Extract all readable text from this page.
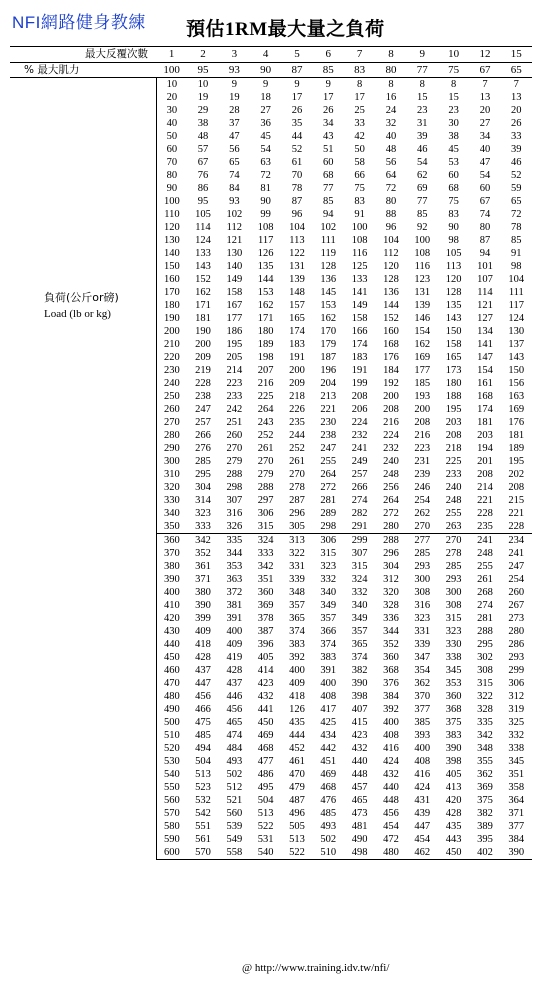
NFI網路健身教練 預估1RM最大量之負荷
最大反覆次數	1	2	3	4	5	6	7	8	9	10	12	15
% 最大肌力	100	95	93	90	87	85	83	80	77	75	67	65

負荷(公斤or磅)
Load (lb or kg)	10	10	9	9	9	9	8	8	8	8	7	7
	20	19	19	18	17	17	17	16	15	15	13	13
	30	29	28	27	26	26	25	24	23	23	20	20
	40	38	37	36	35	34	33	32	31	30	27	26
	50	48	47	45	44	43	42	40	39	38	34	33
	60	57	56	54	52	51	50	48	46	45	40	39
	70	67	65	63	61	60	58	56	54	53	47	46
	80	76	74	72	70	68	66	64	62	60	54	52
	90	86	84	81	78	77	75	72	69	68	60	59
	100	95	93	90	87	85	83	80	77	75	67	65
	110	105	102	99	96	94	91	88	85	83	74	72
	120	114	112	108	104	102	100	96	92	90	80	78
	130	124	121	117	113	111	108	104	100	98	87	85
	140	133	130	126	122	119	116	112	108	105	94	91
	150	143	140	135	131	128	125	120	116	113	101	98
	160	152	149	144	139	136	133	128	123	120	107	104
	170	162	158	153	148	145	141	136	131	128	114	111
	180	171	167	162	157	153	149	144	139	135	121	117
	190	181	177	171	165	162	158	152	146	143	127	124
	200	190	186	180	174	170	166	160	154	150	134	130
	210	200	195	189	183	179	174	168	162	158	141	137
	220	209	205	198	191	187	183	176	169	165	147	143
	230	219	214	207	200	196	191	184	177	173	154	150
	240	228	223	216	209	204	199	192	185	180	161	156
	250	238	233	225	218	213	208	200	193	188	168	163
	260	247	242	264	226	221	206	208	200	195	174	169
	270	257	251	243	235	230	224	216	208	203	181	176
	280	266	260	252	244	238	232	224	216	208	203	181
	290	276	270	261	252	247	241	232	223	218	194	189
	300	285	279	270	261	255	249	240	231	225	201	195
	310	295	288	279	270	264	257	248	239	233	208	202
	320	304	298	288	278	272	266	256	246	240	214	208
	330	314	307	297	287	281	274	264	254	248	221	215
	340	323	316	306	296	289	282	272	262	255	228	221
	350	333	326	315	305	298	291	280	270	263	235	228
	360	342	335	324	313	306	299	288	277	270	241	234
	370	352	344	333	322	315	307	296	285	278	248	241
	380	361	353	342	331	323	315	304	293	285	255	247
	390	371	363	351	339	332	324	312	300	293	261	254
	400	380	372	360	348	340	332	320	308	300	268	260
	410	390	381	369	357	349	340	328	316	308	274	267
	420	399	391	378	365	357	349	336	323	315	281	273
	430	409	400	387	374	366	357	344	331	323	288	280
	440	418	409	396	383	374	365	352	339	330	295	286
	450	428	419	405	392	383	374	360	347	338	302	293
	460	437	428	414	400	391	382	368	354	345	308	299
	470	447	437	423	409	400	390	376	362	353	315	306
	480	456	446	432	418	408	398	384	370	360	322	312
	490	466	456	441	126	417	407	392	377	368	328	319
	500	475	465	450	435	425	415	400	385	375	335	325
	510	485	474	469	444	434	423	408	393	383	342	332
	520	494	484	468	452	442	432	416	400	390	348	338
	530	504	493	477	461	451	440	424	408	398	355	345
	540	513	502	486	470	469	448	432	416	405	362	351
	550	523	512	495	479	468	457	440	424	413	369	358
	560	532	521	504	487	476	465	448	431	420	375	364
	570	542	560	513	496	485	473	456	439	428	382	371
	580	551	539	522	505	493	481	454	447	435	389	377
	590	561	549	531	513	502	490	472	454	443	395	384
	600	570	558	540	522	510	498	480	462	450	402	390
@ http://www.training.idv.tw/nfi/
